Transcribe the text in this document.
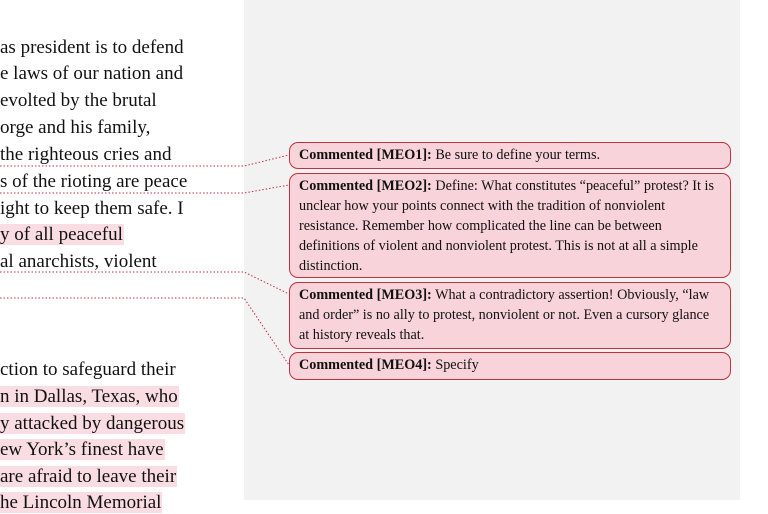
as president is to defend
e laws of our nation and
evolted by the brutal
orge and his family,
the righteous cries and
s of the rioting are peace
ight to keep them safe. I
y of all peaceful
al anarchists, violent
ction to safeguard their
n in Dallas, Texas, who
y attacked by dangerous
ew York’s finest have
are afraid to leave their
he Lincoln Memorial
Commented [MEO1]: Be sure to define your terms.
Commented [MEO2]: Define: What constitutes “peaceful” protest? It is unclear how your points connect with the tradition of nonviolent resistance. Remember how complicated the line can be between definitions of violent and nonviolent protest. This is not at all a simple distinction.
Commented [MEO3]: What a contradictory assertion! Obviously, “law and order” is no ally to protest, nonviolent or not. Even a cursory glance at history reveals that.
Commented [MEO4]: Specify
